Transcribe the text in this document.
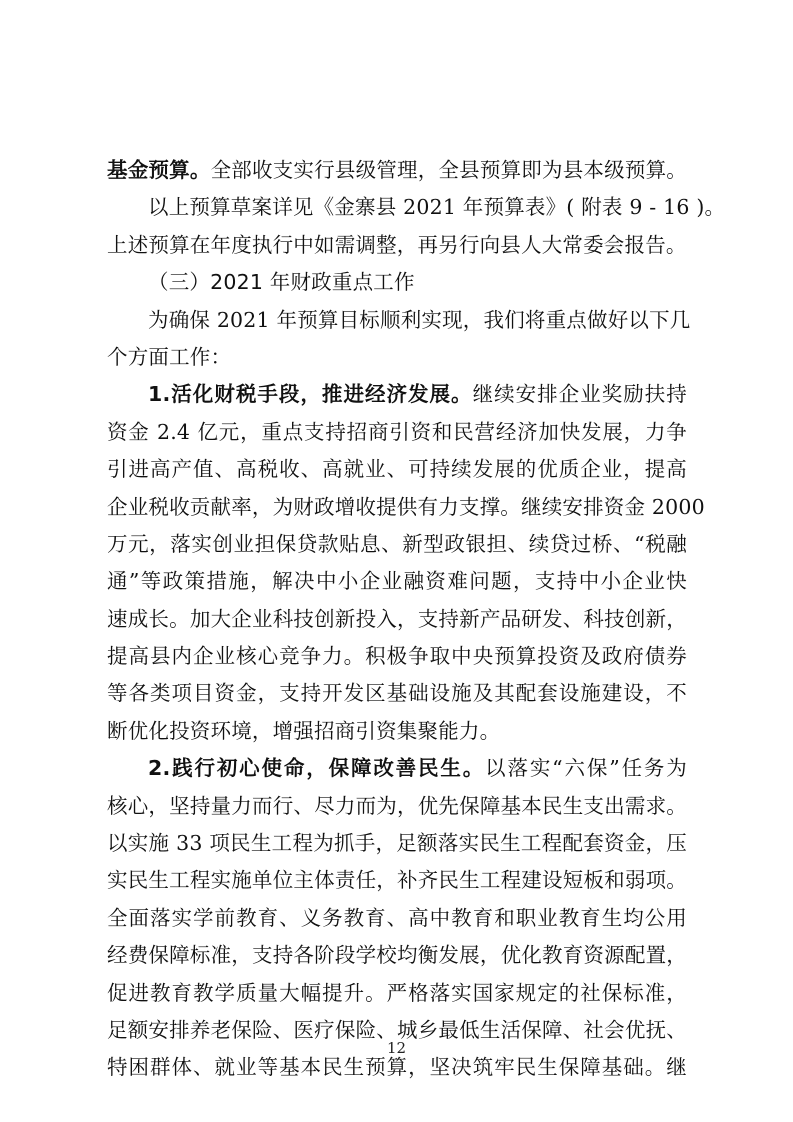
基金预算。全部收支实行县级管理，全县预算即为县本级预算。
以上预算草案详见《金寨县 2021 年预算表》( 附表 9 - 16 )。
上述预算在年度执行中如需调整，再另行向县人大常委会报告。
（三）2021 年财政重点工作
为确保 2021 年预算目标顺利实现，我们将重点做好以下几
个方面工作：
1.活化财税手段，推进经济发展。继续安排企业奖励扶持
资金 2.4 亿元，重点支持招商引资和民营经济加快发展，力争
引进高产值、高税收、高就业、可持续发展的优质企业，提高
企业税收贡献率，为财政增收提供有力支撑。继续安排资金 2000
万元，落实创业担保贷款贴息、新型政银担、续贷过桥、“税融
通”等政策措施，解决中小企业融资难问题，支持中小企业快
速成长。加大企业科技创新投入，支持新产品研发、科技创新，
提高县内企业核心竞争力。积极争取中央预算投资及政府债券
等各类项目资金，支持开发区基础设施及其配套设施建设，不
断优化投资环境，增强招商引资集聚能力。
2.践行初心使命，保障改善民生。以落实“六保”任务为
核心，坚持量力而行、尽力而为，优先保障基本民生支出需求。
以实施 33 项民生工程为抓手，足额落实民生工程配套资金，压
实民生工程实施单位主体责任，补齐民生工程建设短板和弱项。
全面落实学前教育、义务教育、高中教育和职业教育生均公用
经费保障标准，支持各阶段学校均衡发展，优化教育资源配置，
促进教育教学质量大幅提升。严格落实国家规定的社保标准，
足额安排养老保险、医疗保险、城乡最低生活保障、社会优抚、
特困群体、就业等基本民生预算，坚决筑牢民生保障基础。继
12
